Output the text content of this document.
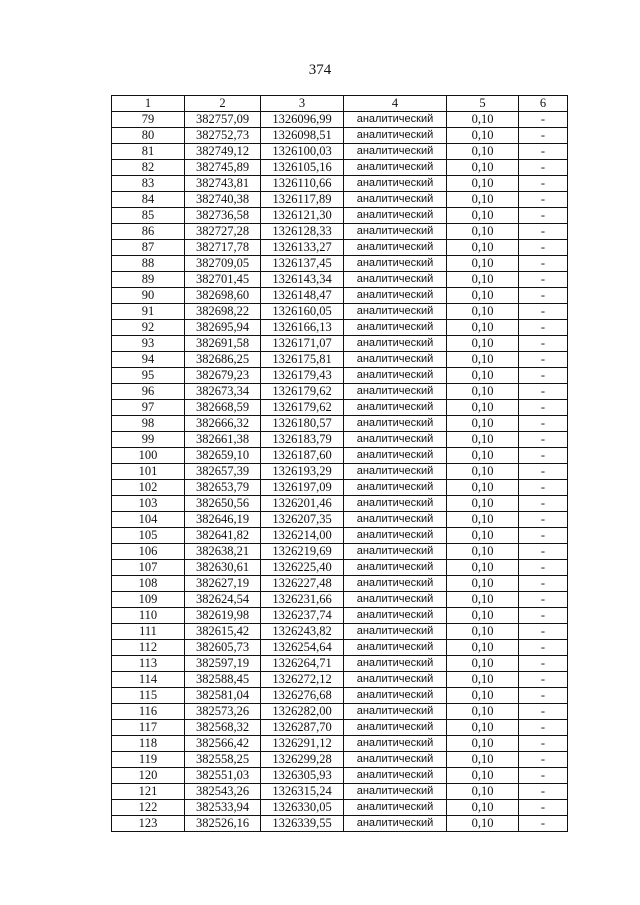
374
1	2	3	4	5	6
79	382757,09	1326096,99	аналитический	0,10	-
80	382752,73	1326098,51	аналитический	0,10	-
81	382749,12	1326100,03	аналитический	0,10	-
82	382745,89	1326105,16	аналитический	0,10	-
83	382743,81	1326110,66	аналитический	0,10	-
84	382740,38	1326117,89	аналитический	0,10	-
85	382736,58	1326121,30	аналитический	0,10	-
86	382727,28	1326128,33	аналитический	0,10	-
87	382717,78	1326133,27	аналитический	0,10	-
88	382709,05	1326137,45	аналитический	0,10	-
89	382701,45	1326143,34	аналитический	0,10	-
90	382698,60	1326148,47	аналитический	0,10	-
91	382698,22	1326160,05	аналитический	0,10	-
92	382695,94	1326166,13	аналитический	0,10	-
93	382691,58	1326171,07	аналитический	0,10	-
94	382686,25	1326175,81	аналитический	0,10	-
95	382679,23	1326179,43	аналитический	0,10	-
96	382673,34	1326179,62	аналитический	0,10	-
97	382668,59	1326179,62	аналитический	0,10	-
98	382666,32	1326180,57	аналитический	0,10	-
99	382661,38	1326183,79	аналитический	0,10	-
100	382659,10	1326187,60	аналитический	0,10	-
101	382657,39	1326193,29	аналитический	0,10	-
102	382653,79	1326197,09	аналитический	0,10	-
103	382650,56	1326201,46	аналитический	0,10	-
104	382646,19	1326207,35	аналитический	0,10	-
105	382641,82	1326214,00	аналитический	0,10	-
106	382638,21	1326219,69	аналитический	0,10	-
107	382630,61	1326225,40	аналитический	0,10	-
108	382627,19	1326227,48	аналитический	0,10	-
109	382624,54	1326231,66	аналитический	0,10	-
110	382619,98	1326237,74	аналитический	0,10	-
111	382615,42	1326243,82	аналитический	0,10	-
112	382605,73	1326254,64	аналитический	0,10	-
113	382597,19	1326264,71	аналитический	0,10	-
114	382588,45	1326272,12	аналитический	0,10	-
115	382581,04	1326276,68	аналитический	0,10	-
116	382573,26	1326282,00	аналитический	0,10	-
117	382568,32	1326287,70	аналитический	0,10	-
118	382566,42	1326291,12	аналитический	0,10	-
119	382558,25	1326299,28	аналитический	0,10	-
120	382551,03	1326305,93	аналитический	0,10	-
121	382543,26	1326315,24	аналитический	0,10	-
122	382533,94	1326330,05	аналитический	0,10	-
123	382526,16	1326339,55	аналитический	0,10	-
